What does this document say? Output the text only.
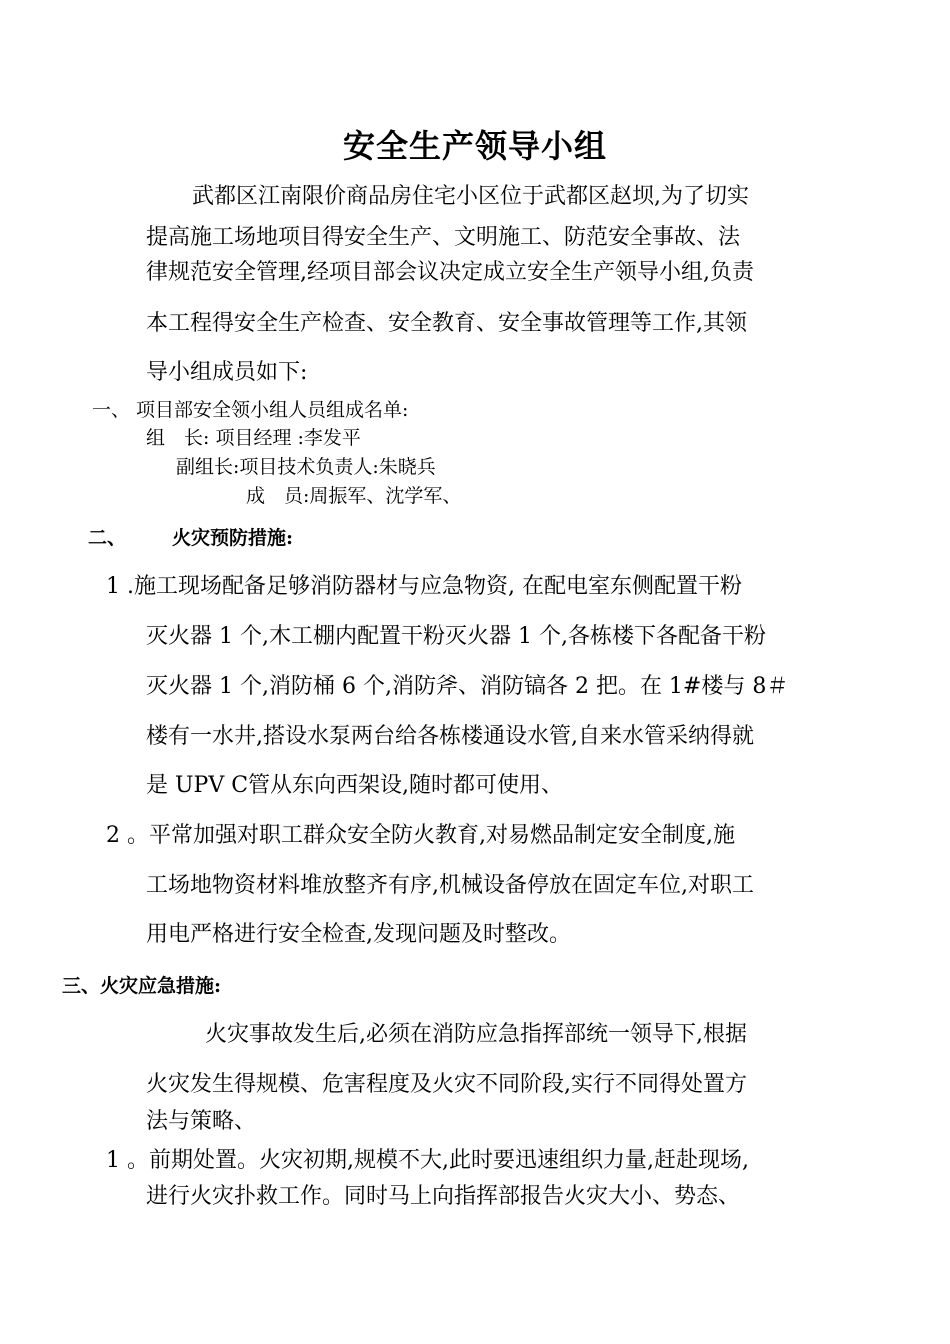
安全生产领导小组
武都区江南限价商品房住宅小区位于武都区赵坝,为了切实
提高施工场地项目得安全生产、文明施工、防范安全事故、法
律规范安全管理,经项目部会议决定成立安全生产领导小组,负责
本工程得安全生产检查、安全教育、安全事故管理等工作,其领
导小组成员如下:
一、 项目部安全领小组人员组成名单:
组　长: 项目经理 :李发平
副组长:项目技术负责人:朱晓兵
成　员:周振军、沈学军、
二、 火灾预防措施:
1 .施工现场配备足够消防器材与应急物资, 在配电室东侧配置干粉
灭火器 1 个,木工棚内配置干粉灭火器 1 个,各栋楼下各配备干粉
灭火器 1 个,消防桶 6 个,消防斧、消防镐各 2 把。在 1#楼与 8＃
楼有一水井,搭设水泵两台给各栋楼通设水管,自来水管采纳得就
是 UPV C管从东向西架设,随时都可使用、
2 。平常加强对职工群众安全防火教育,对易燃品制定安全制度,施
工场地物资材料堆放整齐有序,机械设备停放在固定车位,对职工
用电严格进行安全检查,发现问题及时整改。
三、火灾应急措施:
火灾事故发生后,必须在消防应急指挥部统一领导下,根据
火灾发生得规模、危害程度及火灾不同阶段,实行不同得处置方
法与策略、
1 。前期处置。火灾初期,规模不大,此时要迅速组织力量,赶赴现场,
进行火灾扑救工作。同时马上向指挥部报告火灾大小、势态、
